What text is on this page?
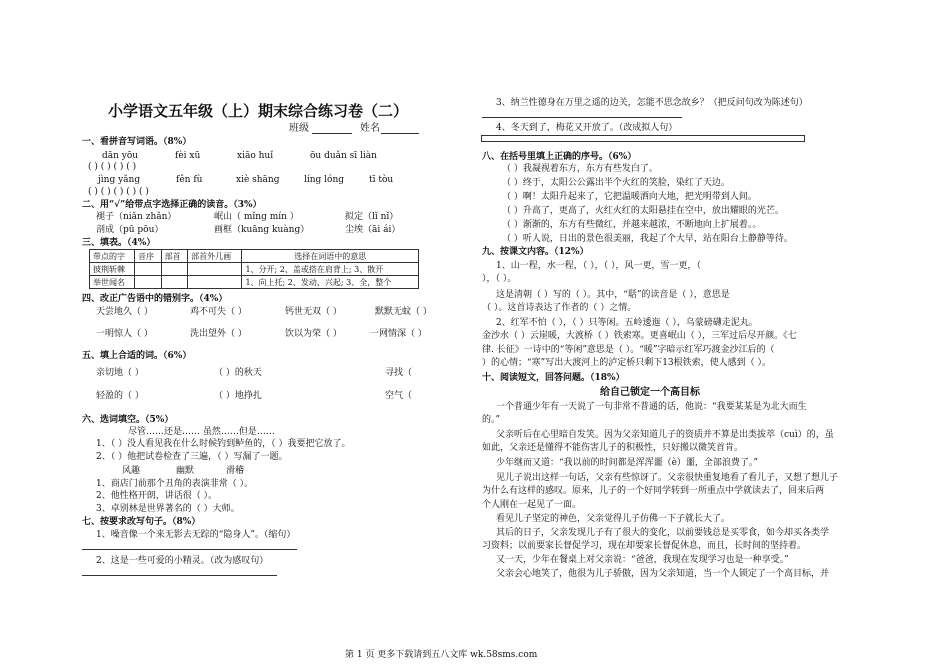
小学语文五年级（上）期末综合练习卷（二）
班级	姓名
一、看拼音写词语。（8%）
dān yōu	fèi xū	xiāo huǐ	ōu duǎn sī liàn
( ) ( ) ( ) ( )
jìng yǎng	fěn fù	xiè shāng	líng lóng	tī tòu
( ) ( ) ( ) ( ) ( )
二、用“√”给带点字选择正确的读音。（3%）
褪子（niǎn zhǎn）	岷山（ mǐng mín ）	拟定（lǐ nǐ）
剖成（pū pōu）	画框（kuāng kuàng）	尘埃（āi ái）
三、填表。（4%）
带点的字	音序	部首	部首外几画	选择在词语中的意思
披荆斩棘				1、分开; 2、盖或搭在肩背上; 3、散开
举世闻名				1、向上托; 2、发动，兴起; 3、全，整个
四、改正广告语中的错别字。（4%）
天尝地久（ ）	鸡不可失（ ）	钙世无双（ ）	默默无蚊（ ）
一明惊人（ ）	洗出望外（ ）	饮以为荣（ ）	一网情深（ ）
五、填上合适的词。（6%）
亲切地（ ）	（ ）的秋天	寻找（
轻盈的（ ）	（ ）地挣扎	空气（
六、选词填空。（5%）
尽管……还是…… 虽然……但是……
1、（ ）没人看见我在什么时候钓到鲈鱼的，（ ）我要把它放了。
2、（ ）他把试卷检查了三遍，（ ）写漏了一题。
风趣	幽默	滑稽
1、商店门前那个丑角的表演非常（ ）。
2、他性格开朗，讲话很（ ）。
3、卓别林是世界著名的（ ）大师。
七、按要求改写句子。（8%）
1、噪音像一个来无影去无踪的“隐身人”。（缩句）
2、这是一些可爱的小精灵。（改为感叹句）
3、纳兰性德身在万里之遥的边关，怎能不思念故乡？（把反问句改为陈述句）
4、冬天到了，梅花又开放了。（改成拟人句）
八、在括号里填上正确的序号。（6%）
（ ）我凝视着东方，东方有些发白了。
（ ）终于，太阳公公露出半个火红的笑脸，染红了天边。
（ ）啊！太阳升起来了，它把温暖洒向大地，把光明带到人间。
（ ）升高了，更高了，火红火红的太阳悬挂在空中，放出耀眼的光芒。
（ ）渐渐的，东方有些微红，并越来越浓，不断地向上扩展着。。
（ ）听人说，日出的景色很美丽，我起了个大早，站在阳台上静静等待。
九、按课文内容。（12%）
1、山一程，水一程，（ ），（ ），风一更，雪一更，（
），（ ）。
这是清朝（ ）写的（ ）。其中，“聒”的读音是（ ），意思是
（ ）。这首诗表达了作者的（ ）之情。
2、红军不怕（ ），（ ）只等闲。五岭逶迤（ ），乌蒙磅礴走泥丸。
金沙水（ ）云崖暖，大渡桥（ ）铁索寒。更喜岷山（ ），三军过后尽开颜。《七
律. 长征》一诗中的“等闲”意思是（ ）。“暖”字暗示红军巧渡金沙江后的（
）的心情；“寒”写出大渡河上的泸定桥只剩下13根铁索，使人感到（ ）。
十、阅读短文，回答问题。（18%）
给自己锁定一个高目标
一个普通少年有一天说了一句非常不普通的话，他说：“我要某某是为北大而生
的。”
父亲听后在心里暗自发笑。因为父亲知道儿子的资质并不算是出类拔萃（cuì）的，虽
如此，父亲还是懂得不能伤害儿子的积极性，只好搬以微笑首肯。
少年继而又道：“我以前的时间都是浑浑噩（è）噩，全部浪费了。”
见儿子说出这样一句话，父亲有些惊讶了。父亲很快重复地看了看儿子，又想了想儿子
为什么有这样的感叹。原来，儿子的一个好同学转到一所重点中学就读去了，回来后两
个人刚在一起见了一面。
看见儿子坚定的神色，父亲觉得儿子仿佛一下子就长大了。
其后的日子，父亲发现儿子有了很大的变化，以前要钱总是买零食，如今却买各类学
习资料；以前要家长督促学习，现在却要家长督促休息，而且，长时间的坚持着。
又一天，少年在餐桌上对父亲说：“爸爸，我现在发现学习也是一种享受。”
父亲会心地笑了，他很为儿子骄傲，因为父亲知道，当一个人锁定了一个高目标，并
第 1 页 更多下载请到五八文库 wk.58sms.com
